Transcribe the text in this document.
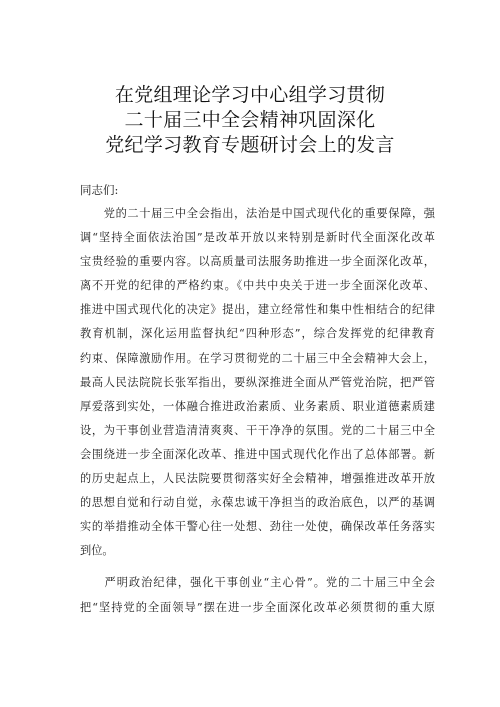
在党组理论学习中心组学习贯彻
二十届三中全会精神巩固深化
党纪学习教育专题研讨会上的发言

同志们:

　　党的二十届三中全会指出，法治是中国式现代化的重要保障，强
调“坚持全面依法治国”是改革开放以来特别是新时代全面深化改革
宝贵经验的重要内容。以高质量司法服务助推进一步全面深化改革，
离不开党的纪律的严格约束。《中共中央关于进一步全面深化改革、
推进中国式现代化的决定》提出，建立经常性和集中性相结合的纪律
教育机制，深化运用监督执纪“四种形态”，综合发挥党的纪律教育
约束、保障激励作用。在学习贯彻党的二十届三中全会精神大会上，
最高人民法院院长张军指出，要纵深推进全面从严管党治院，把严管
厚爱落到实处，一体融合推进政治素质、业务素质、职业道德素质建
设，为干事创业营造清清爽爽、干干净净的氛围。党的二十届三中全
会围绕进一步全面深化改革、推进中国式现代化作出了总体部署。新
的历史起点上，人民法院要贯彻落实好全会精神，增强推进改革开放
的思想自觉和行动自觉，永葆忠诚干净担当的政治底色，以严的基调
实的举措推动全体干警心往一处想、劲往一处使，确保改革任务落实
到位。
　　严明政治纪律，强化干事创业“主心骨”。党的二十届三中全会
把“坚持党的全面领导”摆在进一步全面深化改革必须贯彻的重大原
